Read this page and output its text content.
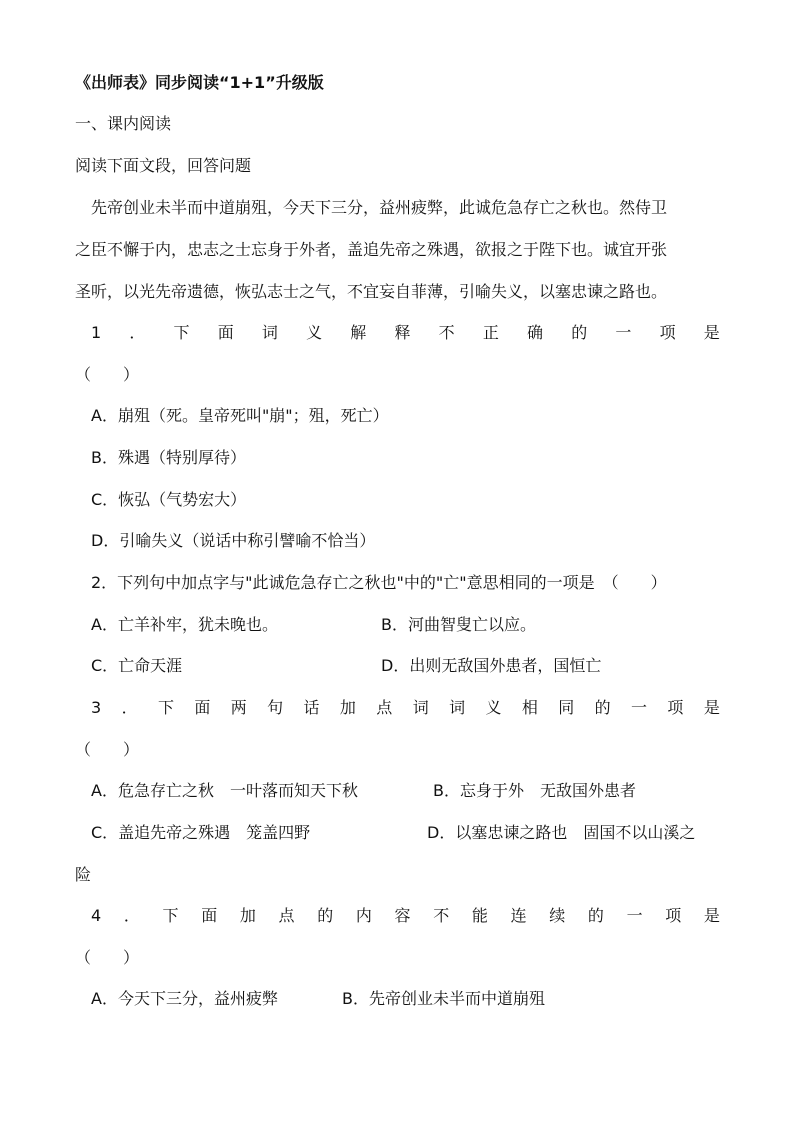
《出师表》同步阅读“1+1”升级版
一、课内阅读
阅读下面文段，回答问题
先帝创业未半而中道崩殂，今天下三分，益州疲弊，此诚危急存亡之秋也。然侍卫
之臣不懈于内，忠志之士忘身于外者，盖追先帝之殊遇，欲报之于陛下也。诚宜开张
圣听，以光先帝遗德，恢弘志士之气，不宜妄自菲薄，引喻失义，以塞忠谏之路也。
1 ． 下 面 词 义 解 释 不 正 确 的 一 项 是
（　　）
A．崩殂（死。皇帝死叫"崩"；殂，死亡）
B．殊遇（特别厚待）
C．恢弘（气势宏大）
D．引喻失义（说话中称引譬喻不恰当）
2．下列句中加点字与"此诚危急存亡之秋也"中的"亡"意思相同的一项是　（　　）
A．亡羊补牢，犹未晚也。	B．河曲智叟亡以应。
C．亡命天涯	D．出则无敌国外患者，国恒亡
3 ． 下 面 两 句 话 加 点 词 词 义 相 同 的 一 项 是
（　　）
A．危急存亡之秋　一叶落而知天下秋	B．忘身于外　无敌国外患者
C．盖追先帝之殊遇　笼盖四野	D．以塞忠谏之路也　固国不以山溪之
险
4 ． 下 面 加 点 的 内 容 不 能 连 续 的 一 项 是
（　　）
A．今天下三分，益州疲弊	B．先帝创业未半而中道崩殂
